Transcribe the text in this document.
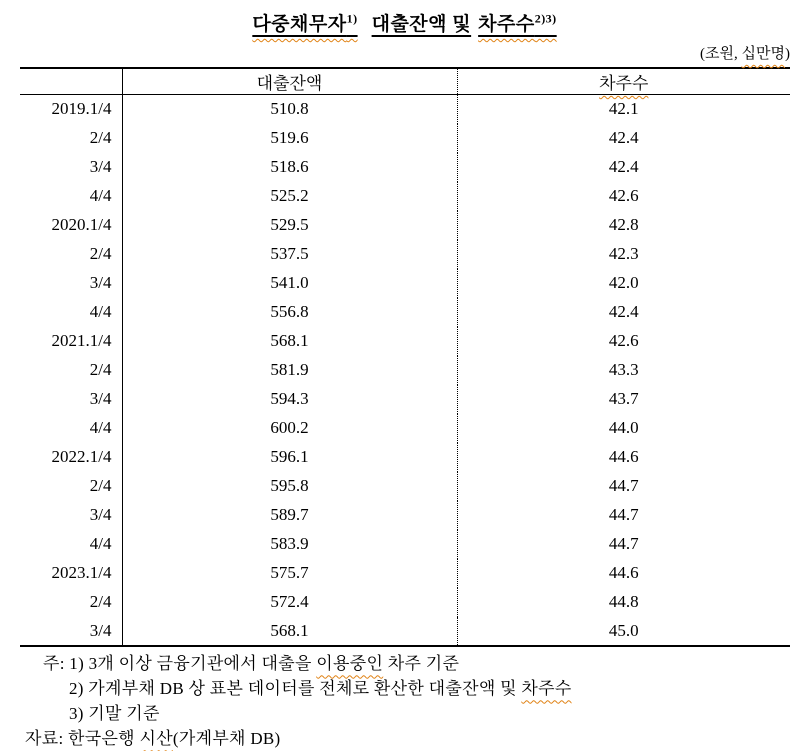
다중채무자$^{1)}$ 대출잔액 및 차주수$^{2)3)}$
(조원, 십만명)
	대출잔액	차주수
2019.1/4	510.8	42.1
2/4	519.6	42.4
3/4	518.6	42.4
4/4	525.2	42.6
2020.1/4	529.5	42.8
2/4	537.5	42.3
3/4	541.0	42.0
4/4	556.8	42.4
2021.1/4	568.1	42.6
2/4	581.9	43.3
3/4	594.3	43.7
4/4	600.2	44.0
2022.1/4	596.1	44.6
2/4	595.8	44.7
3/4	589.7	44.7
4/4	583.9	44.7
2023.1/4	575.7	44.6
2/4	572.4	44.8
3/4	568.1	45.0
주: 1) 3개 이상 금융기관에서 대출을 이용중인 차주 기준
2) 가계부채 DB 상 표본 데이터를 전체로 환산한 대출잔액 및 차주수
3) 기말 기준
자료: 한국은행 시산(가계부채 DB)
